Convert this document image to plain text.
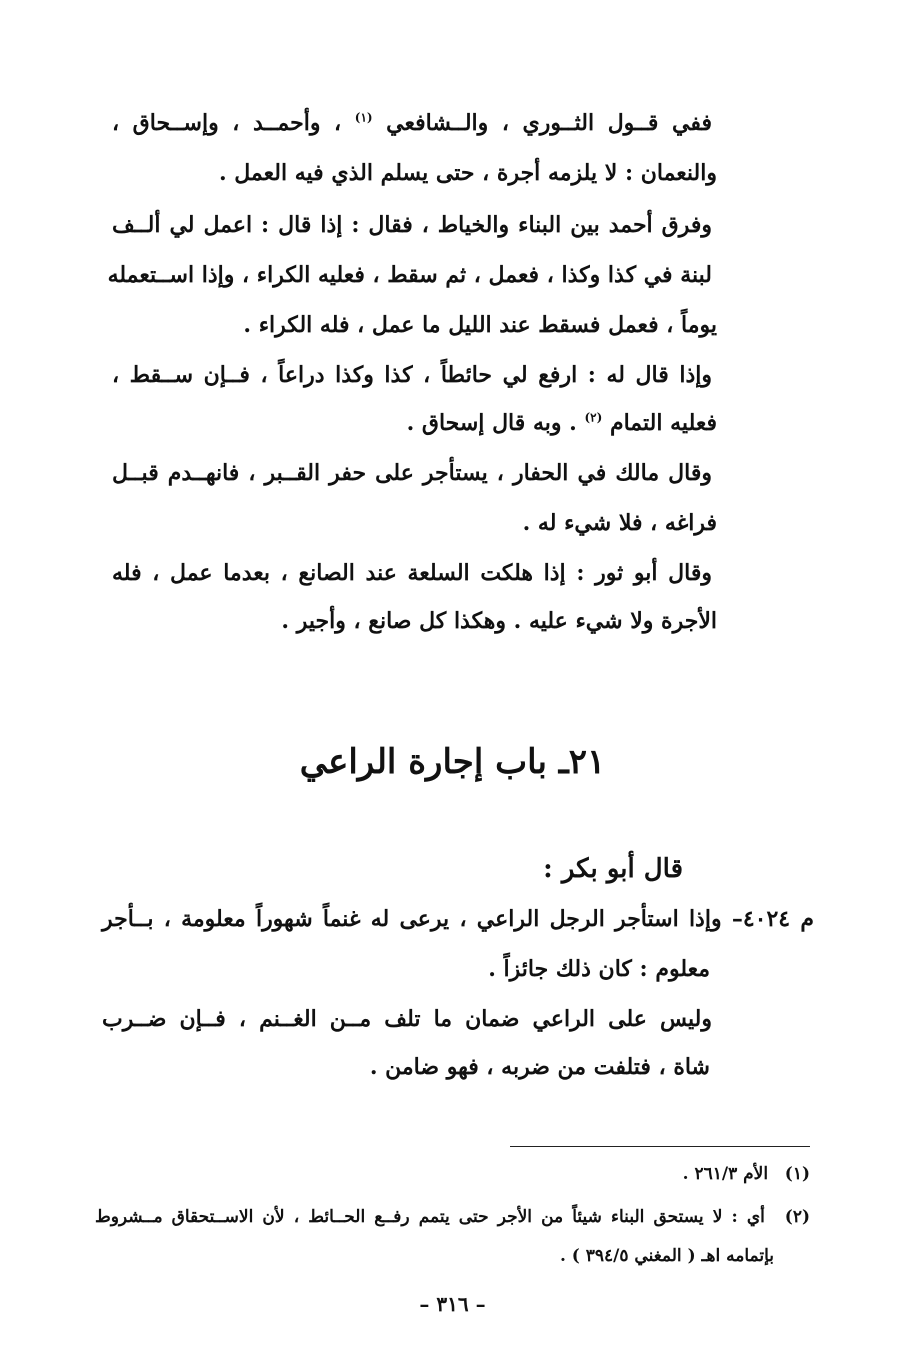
ففي قــول الثــوري ، والــشافعي $^{(١)}$ ، وأحمــد ، وإســحاق ،
والنعمان : لا يلزمه أجرة ، حتى يسلم الذي فيه العمل .
وفرق أحمد بين البناء والخياط ، فقال : إذا قال : اعمل لي ألــف
لبنة في كذا وكذا ، فعمل ، ثم سقط ، فعليه الكراء ، وإذا اســتعمله
يوماً ، فعمل فسقط عند الليل ما عمل ، فله الكراء .
وإذا قال له : ارفع لي حائطاً ، كذا وكذا دراعاً ، فــإن ســقط ،
فعليه التمام $^{(٢)}$ . وبه قال إسحاق .
وقال مالك في الحفار ، يستأجر على حفر القــبر ، فانهــدم قبــل
فراغه ، فلا شيء له .
وقال أبو ثور : إذا هلكت السلعة عند الصانع ، بعدما عمل ، فله
الأجرة ولا شيء عليه . وهكذا كل صانع ، وأجير .
٢١ـ باب إجارة الراعي
قال أبو بكر :
م ٤٠٢٤– وإذا استأجر الرجل الراعي ، يرعى له غنماً شهوراً معلومة ، بــأجر
معلوم : كان ذلك جائزاً .
وليس على الراعي ضمان ما تلف مــن الغــنم ، فــإن ضــرب
شاة ، فتلفت من ضربه ، فهو ضامن .
(١) الأم ٢٦١/٣ .
(٢) أي : لا يستحق البناء شيئاً من الأجر حتى يتمم رفــع الحــائط ، لأن الاســتحقاق مــشروط
بإتمامه اهـ ( المغني ٣٩٤/٥ ) .
– ٣١٦ –
